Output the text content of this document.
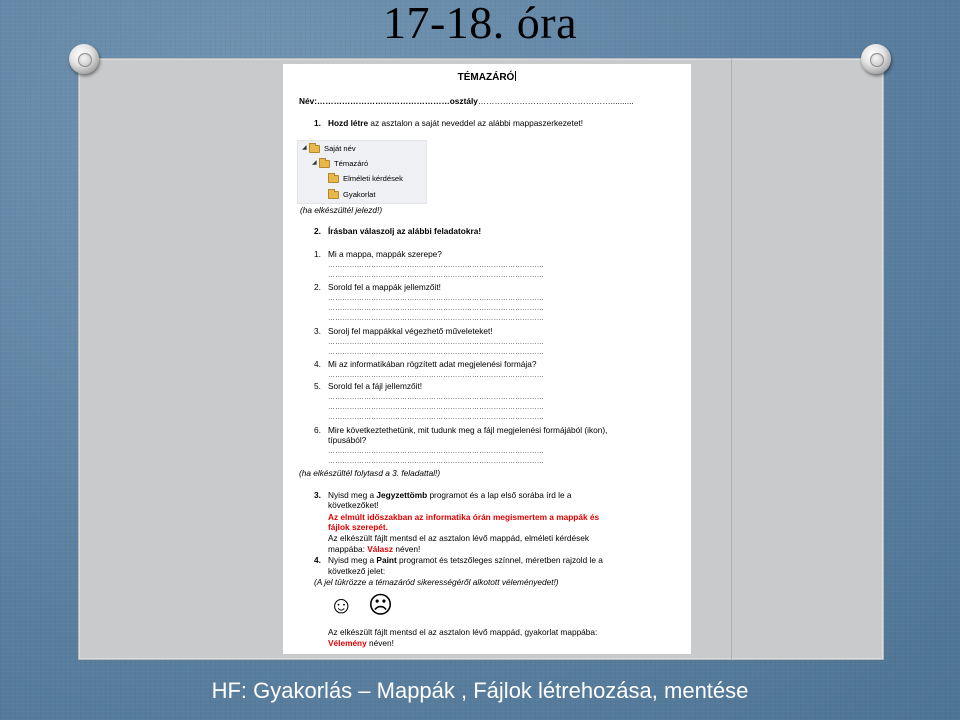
17-18. óra
TÉMAZÁRÓ
Név:…………………………………………osztály…………………………………………..........
1. Hozd létre az asztalon a saját neveddel az alábbi mappaszerkezetet!
◢	Saját név
◢	Témazáró
Elméleti kérdések
Gyakorlat
(ha elkészültél jelezd!)
2. Írásban válaszolj az alábbi feladatokra!
1. Mi a mappa, mappák szerepe?
………………………………………………………………………………
………………………………………………………………………………
2. Sorold fel a mappák jellemzőit!
………………………………………………………………………………
………………………………………………………………………………
………………………………………………………………………………
3. Sorolj fel mappákkal végezhető műveleteket!
………………………………………………………………………………
………………………………………………………………………………
4. Mi az informatikában rögzített adat megjelenési formája?
………………………………………………………………………………
5. Sorold fel a fájl jellemzőit!
………………………………………………………………………………
………………………………………………………………………………
………………………………………………………………………………
6. Mire következtethetünk, mit tudunk meg a fájl megjelenési formájából (ikon),
típusából?
………………………………………………………………………………
………………………………………………………………………………
(ha elkészültél folytasd a 3. feladattal!)
3. Nyisd meg a Jegyzettömb programot és a lap első sorába írd le a
következőket!
Az elmúlt időszakban az informatika órán megismertem a mappák és
fájlok szerepét.
Az elkészült fájlt mentsd el az asztalon lévő mappád, elméleti kérdések
mappába: Válasz néven!
4. Nyisd meg a Paint programot és tetszőleges színnel, méretben rajzold le a
következő jelet:
(A jel tükrözze a témazáród sikerességéről alkotott véleményedet!)
☺ ☹
Az elkészült fájlt mentsd el az asztalon lévő mappád, gyakorlat mappába:
Vélemény néven!
HF: Gyakorlás – Mappák , Fájlok létrehozása, mentése
